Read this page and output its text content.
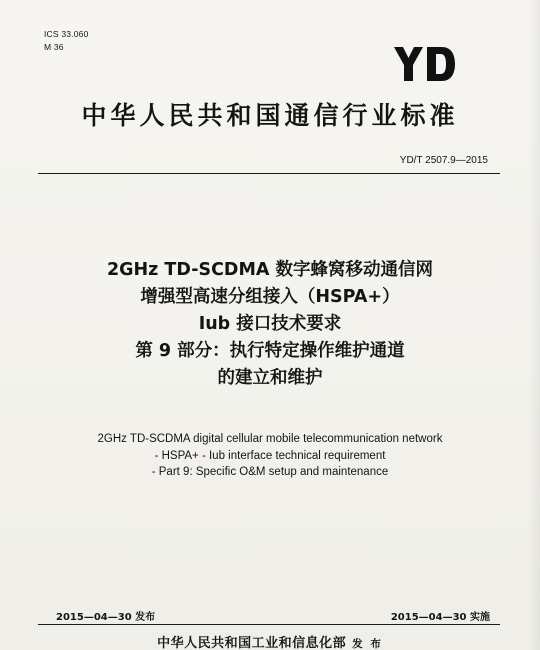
ICS 33.060
M 36
中华人民共和国通信行业标准
YD/T 2507.9—2015
2GHz TD-SCDMA 数字蜂窝移动通信网
增强型高速分组接入（HSPA+）
Iub 接口技术要求
第 9 部分：执行特定操作维护通道
的建立和维护
2GHz TD-SCDMA digital cellular mobile telecommunication network
- HSPA+ - Iub interface technical requirement
- Part 9: Specific O&M setup and maintenance
2015—04—30 发布	2015—04—30 实施
中华人民共和国工业和信息化部 发 布
